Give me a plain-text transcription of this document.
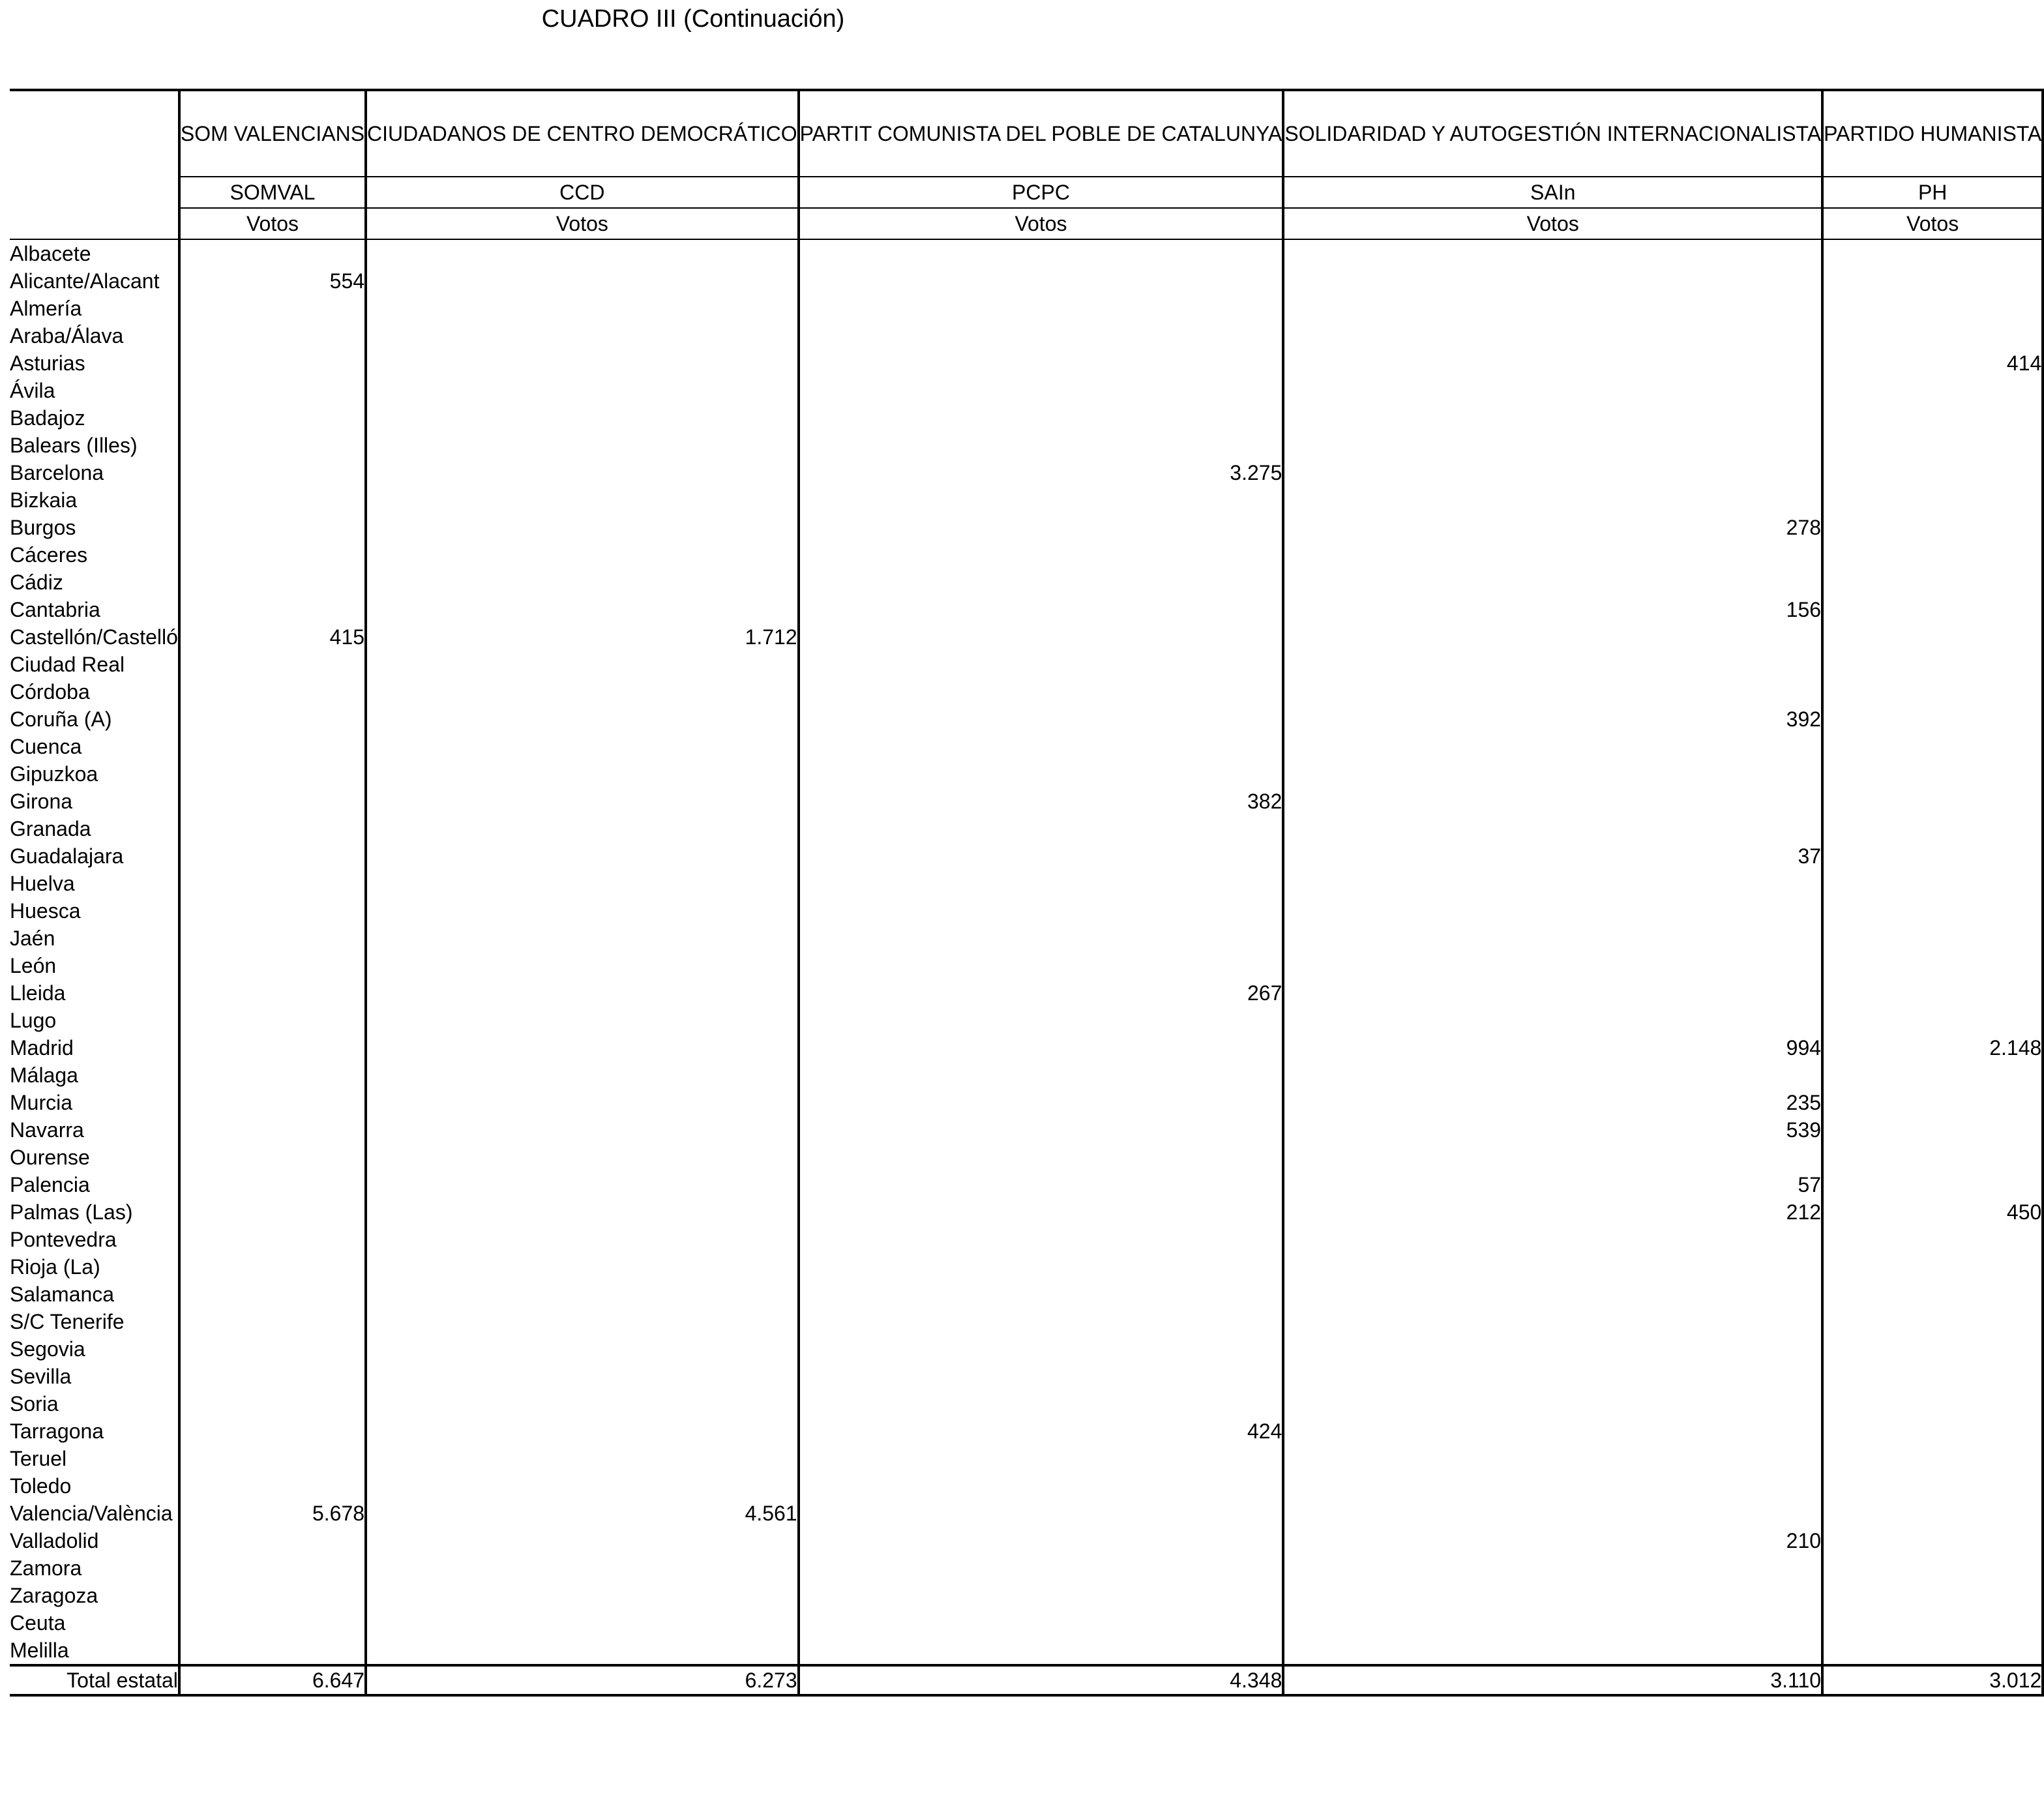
CUADRO III (Continuación)
	SOM VALENCIANS	CIUDADANOS DE CENTRO DEMOCRÁTICO	PARTIT COMUNISTA DEL POBLE DE CATALUNYA	SOLIDARIDAD Y AUTOGESTIÓN INTERNACIONALISTA	PARTIDO HUMANISTA
	SOMVAL	CCD	PCPC	SAIn	PH
	Votos	Votos	Votos	Votos	Votos
Albacete					
Alicante/Alacant	554				
Almería					
Araba/Álava					
Asturias					414
Ávila					
Badajoz					
Balears (Illes)					
Barcelona			3.275		
Bizkaia					
Burgos				278	
Cáceres					
Cádiz					
Cantabria				156	
Castellón/Castelló	415	1.712			
Ciudad Real					
Córdoba					
Coruña (A)				392	
Cuenca					
Gipuzkoa					
Girona			382		
Granada					
Guadalajara				37	
Huelva					
Huesca					
Jaén					
León					
Lleida			267		
Lugo					
Madrid				994	2.148
Málaga					
Murcia				235	
Navarra				539	
Ourense					
Palencia				57	
Palmas (Las)				212	450
Pontevedra					
Rioja (La)					
Salamanca					
S/C Tenerife					
Segovia					
Sevilla					
Soria					
Tarragona			424		
Teruel					
Toledo					
Valencia/València	5.678	4.561			
Valladolid				210	
Zamora					
Zaragoza					
Ceuta					
Melilla					
Total estatal	6.647	6.273	4.348	3.110	3.012
